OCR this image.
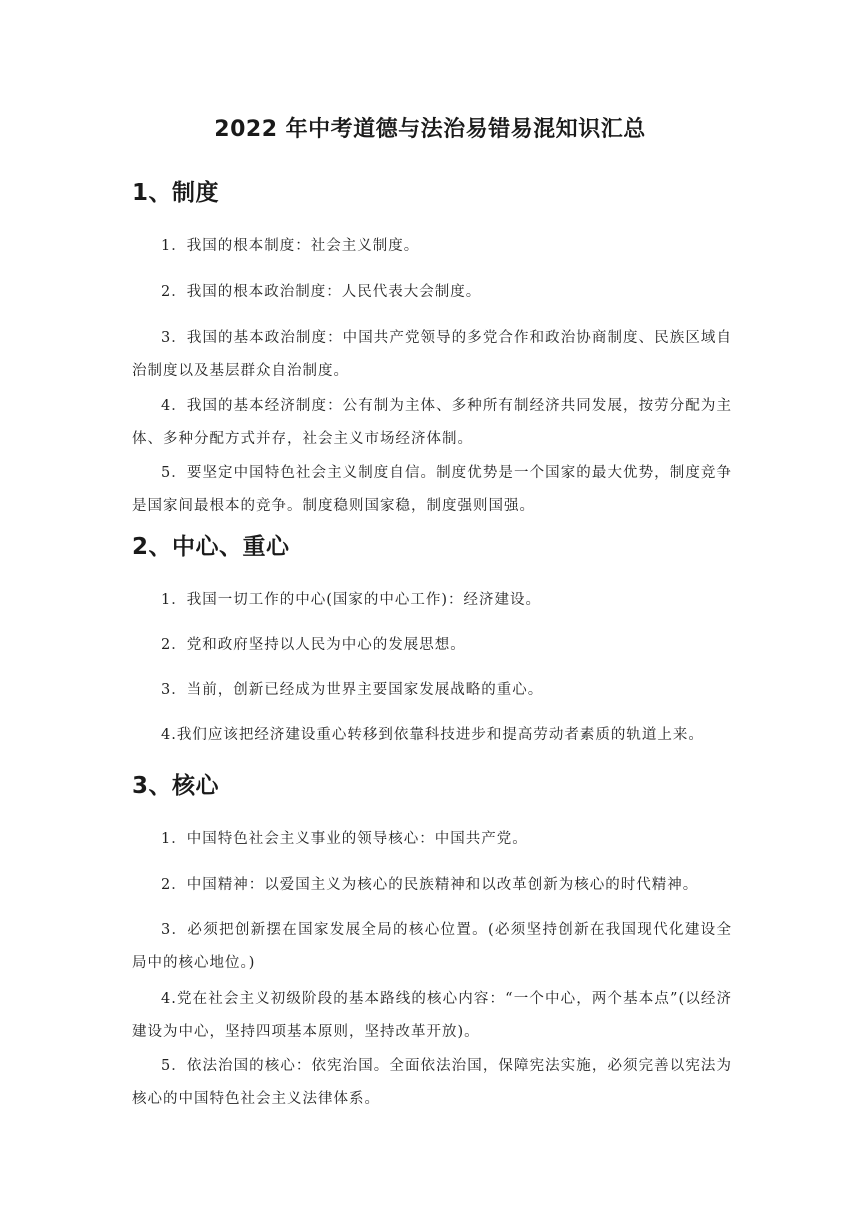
2022 年中考道德与法治易错易混知识汇总
1、制度
1．我国的根本制度：社会主义制度。
2．我国的根本政治制度：人民代表大会制度。
3．我国的基本政治制度：中国共产党领导的多党合作和政治协商制度、民族区域自治制度以及基层群众自治制度。
4．我国的基本经济制度：公有制为主体、多种所有制经济共同发展，按劳分配为主体、多种分配方式并存，社会主义市场经济体制。
5．要坚定中国特色社会主义制度自信。制度优势是一个国家的最大优势，制度竞争是国家间最根本的竞争。制度稳则国家稳，制度强则国强。
2、中心、重心
1．我国一切工作的中心(国家的中心工作)：经济建设。
2．党和政府坚持以人民为中心的发展思想。
3．当前，创新已经成为世界主要国家发展战略的重心。
4.我们应该把经济建设重心转移到依靠科技进步和提高劳动者素质的轨道上来。
3、核心
1．中国特色社会主义事业的领导核心：中国共产党。
2．中国精神：以爱国主义为核心的民族精神和以改革创新为核心的时代精神。
3．必须把创新摆在国家发展全局的核心位置。(必须坚持创新在我国现代化建设全局中的核心地位。)
4.党在社会主义初级阶段的基本路线的核心内容：“一个中心，两个基本点”(以经济建设为中心，坚持四项基本原则，坚持改革开放)。
5．依法治国的核心：依宪治国。全面依法治国，保障宪法实施，必须完善以宪法为核心的中国特色社会主义法律体系。
